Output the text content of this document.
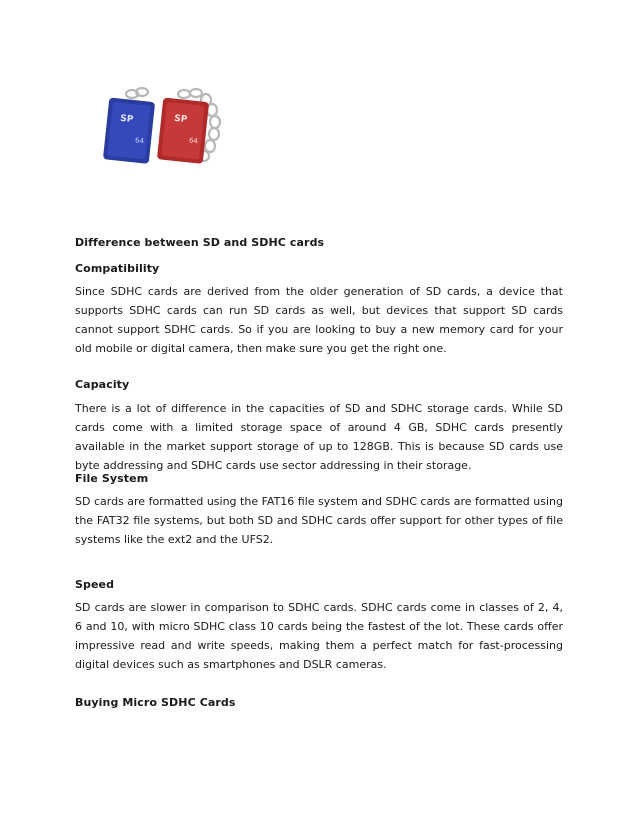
SP
64
SP
64
Difference between SD and SDHC cards
Compatibility

Since SDHC cards are derived from the older generation of SD cards, a device that supports SDHC cards can run SD cards as well, but devices that support SD cards cannot support SDHC cards. So if you are looking to buy a new memory card for your old mobile or digital camera, then make sure you get the right one.

Capacity

There is a lot of difference in the capacities of SD and SDHC storage cards. While SD cards come with a limited storage space of around 4 GB, SDHC cards presently available in the market support storage of up to 128GB. This is because SD cards use byte addressing and SDHC cards use sector addressing in their storage.

File System

SD cards are formatted using the FAT16 file system and SDHC cards are formatted using the FAT32 file systems, but both SD and SDHC cards offer support for other types of file systems like the ext2 and the UFS2.

Speed

SD cards are slower in comparison to SDHC cards. SDHC cards come in classes of 2, 4, 6 and 10, with micro SDHC class 10 cards being the fastest of the lot. These cards offer impressive read and write speeds, making them a perfect match for fast-processing digital devices such as smartphones and DSLR cameras.

Buying Micro SDHC Cards
